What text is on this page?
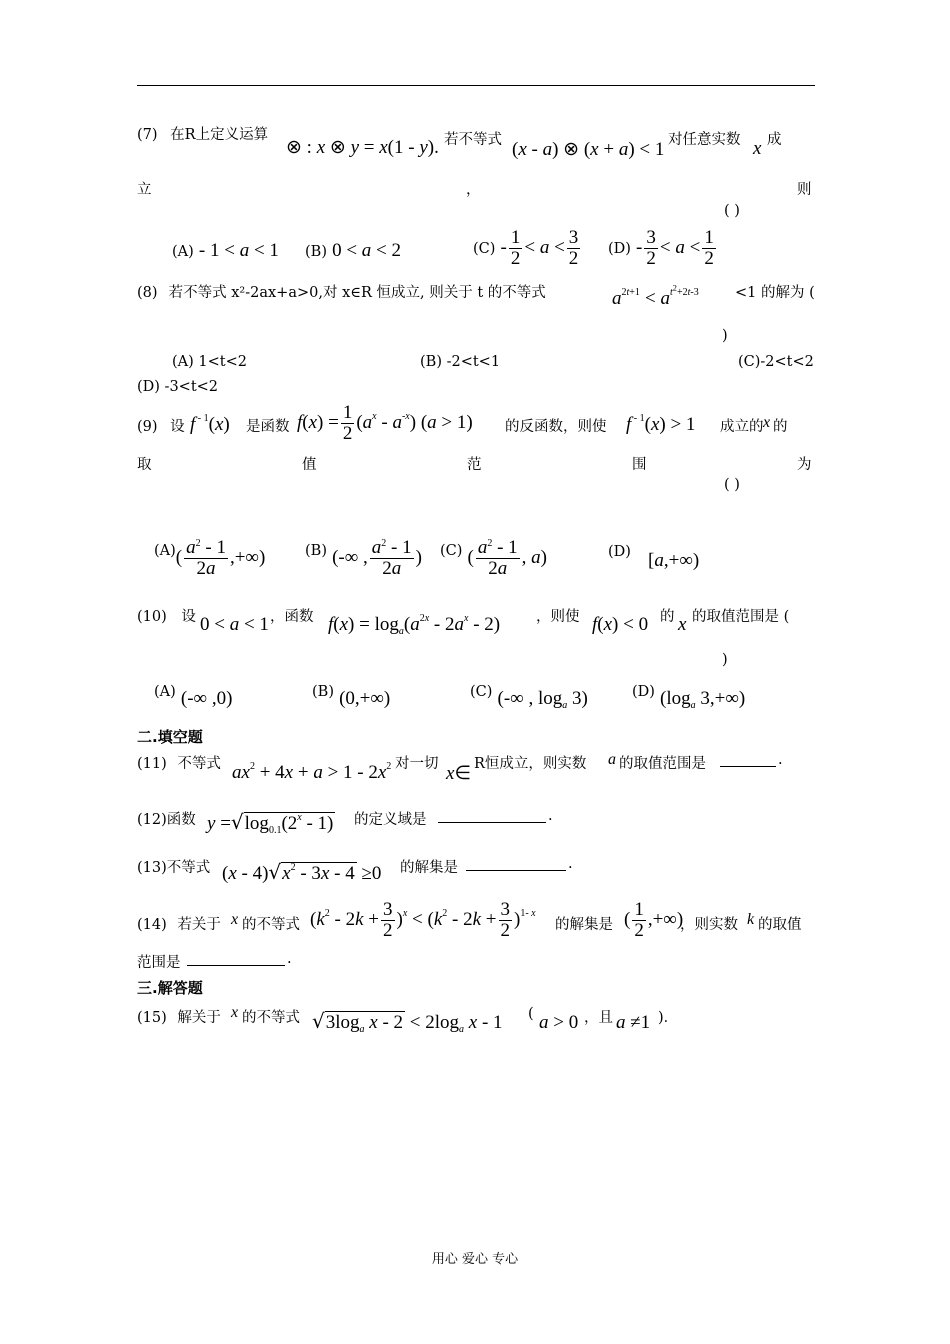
(7) 在R上定义运算
⊗ : x ⊗ y = x(1 - y). 若不等式 (x - a) ⊗ (x + a) < 1 对任意实数 x 成
立	，	则
( )
(A) - 1 < a < 1 (B) 0 < a < 2	$(C) - \frac{1}{2} < a < \frac{3}{2} (D) - \frac{3}{2} < a < \frac{1}{2}$
(8) 若不等式 x²-2ax+a>0,对 x∈R 恒成立, 则关于 t 的不等式	$a^{2t+1} < a^{t^2+2t-3}$	<1 的解为 (
)
(A) 1<t<2	(B) -2<t<1	(C)-2<t<2
(D) -3<t<2
(9) 设 f $^{- 1}$(x) 是函数 $f(x) = \frac{1}{2} (a^x - a^{-x}) (a > 1)$ 的反函数，则使 f $^{- 1}$(x) > 1 成立的 x 的
取	值	范	围	为
( )
$(A)( \frac{a^2 - 1}{2a}$ ,+∞)	(B) (-∞ , $\frac{a^2 - 1}{2a}$ ) (C) ( $\frac{a^2 - 1}{2a}$ , a)	(D) [a,+∞)
(10) 设 0 < a < 1 ，函数 $f(x) = \log_a(a^{2x} - 2a^x - 2)$ ，则使 f(x) < 0 的 x 的取值范围是 (
)
(A) (-∞ ,0)	(B) (0,+∞)	(C) (-∞ , $\log_a 3$)	(D) ($\log_a$ 3,+∞)
二.填空题
(11) 不等式 $ax^2 + 4x + a > 1 - 2x^2$ 对一切 x∈ R恒成立，则实数 a 的取值范围是	.
(12)函数 $y =√\log_{0.1}(2^x - 1)$ 的定义域是	.
(13)不等式 $(x - 4)√x^2 - 3x - 4 \ge 0$ 的解集是	.
(14) 若关于 x 的不等式 $(k^2 - 2k + \frac{3}{2} )^x < (k^2 - 2k + \frac{3}{2} )^{1- x}$
的解集是 ( $\frac{1}{2}$ ,+∞)
，则实数 k 的取值
范围是	.
三.解答题
(15) 解关于 x 的不等式 $√3\log_a$ $x - 2 < 2\log_a$ x - 1 ( a > 0 ，且 a ≠1 )．
用心 爱心 专心
